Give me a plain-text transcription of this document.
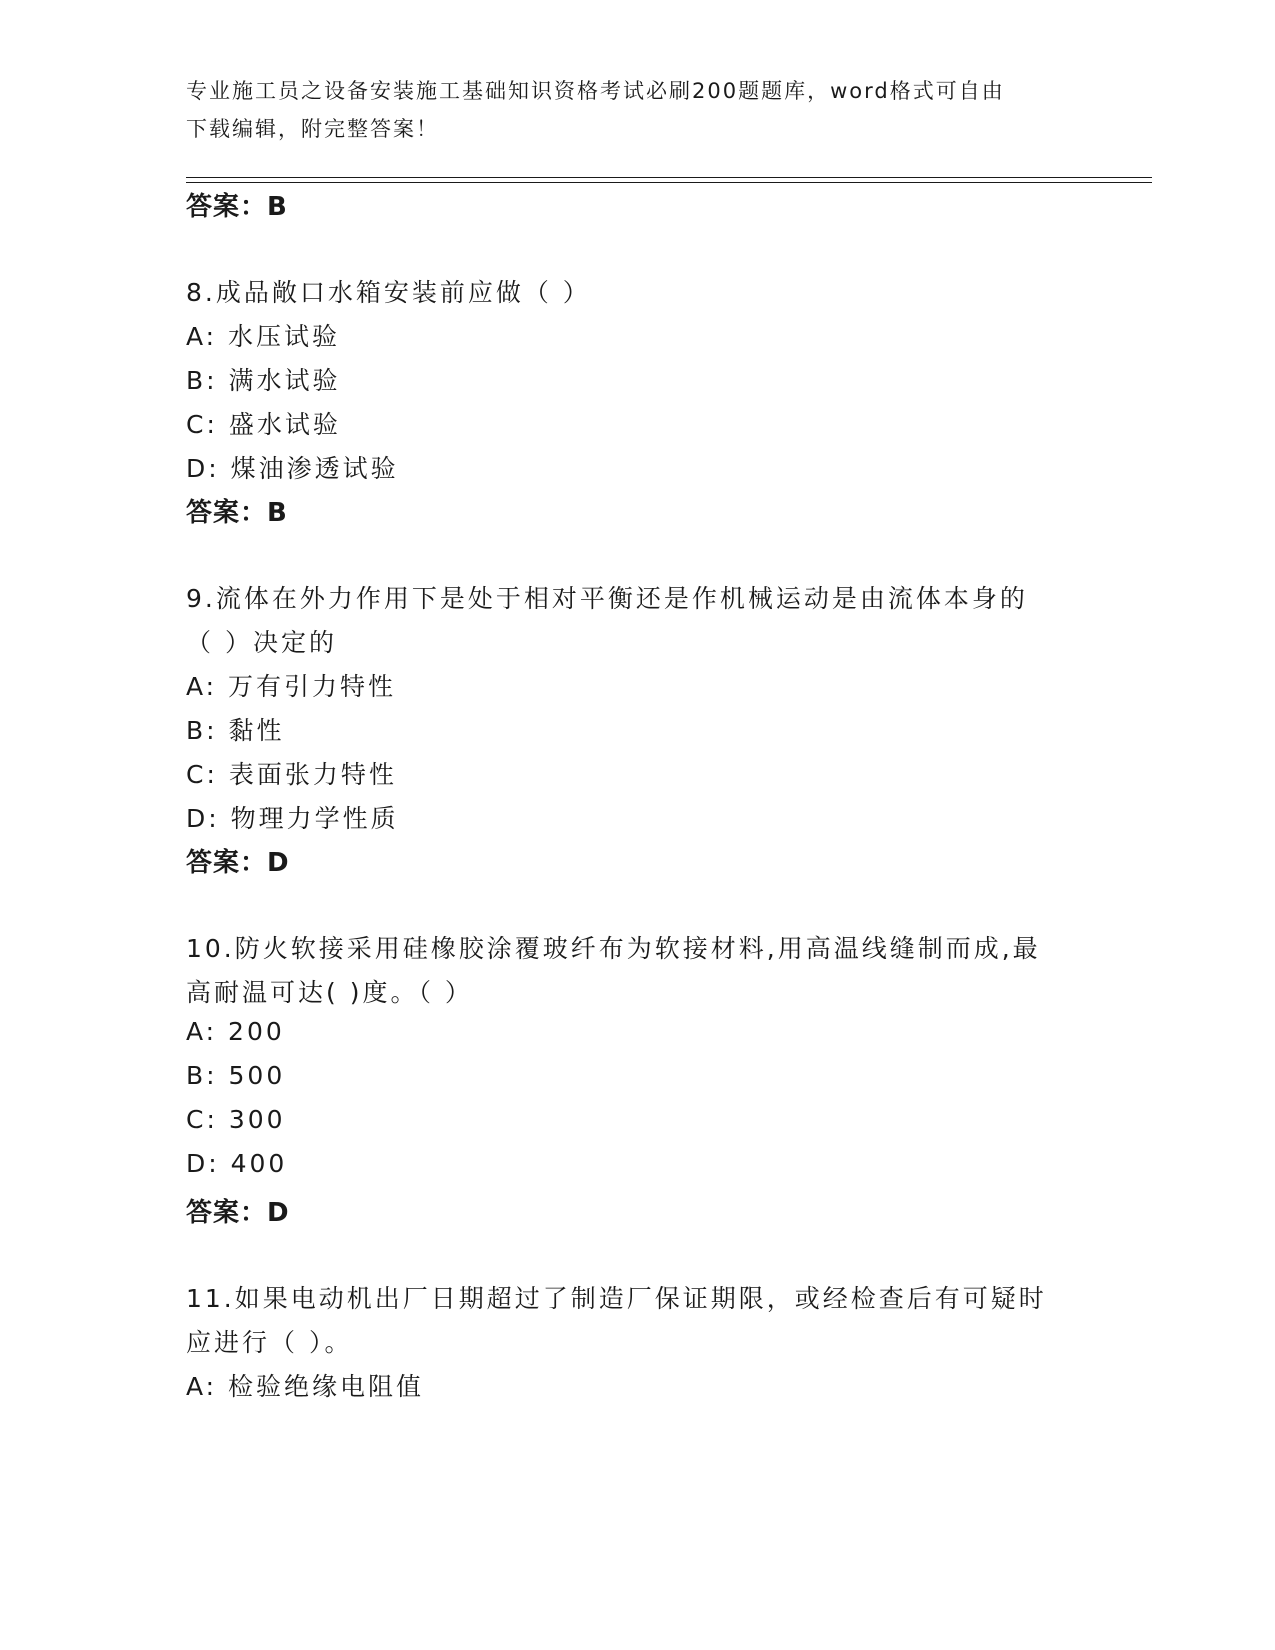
专业施工员之设备安装施工基础知识资格考试必刷200题题库，word格式可自由
下载编辑，附完整答案！
答案：B
8.成品敞口水箱安装前应做（ ）
A: 水压试验
B: 满水试验
C: 盛水试验
D: 煤油渗透试验
答案：B
9.流体在外力作用下是处于相对平衡还是作机械运动是由流体本身的
（ ）决定的
A: 万有引力特性
B: 黏性
C: 表面张力特性
D: 物理力学性质
答案：D
10.防火软接采用硅橡胶涂覆玻纤布为软接材料,用高温线缝制而成,最
高耐温可达( )度。（ ）
A: 200
B: 500
C: 300
D: 400
答案：D
11.如果电动机出厂日期超过了制造厂保证期限，或经检查后有可疑时
应进行（ ）。
A: 检验绝缘电阻值
